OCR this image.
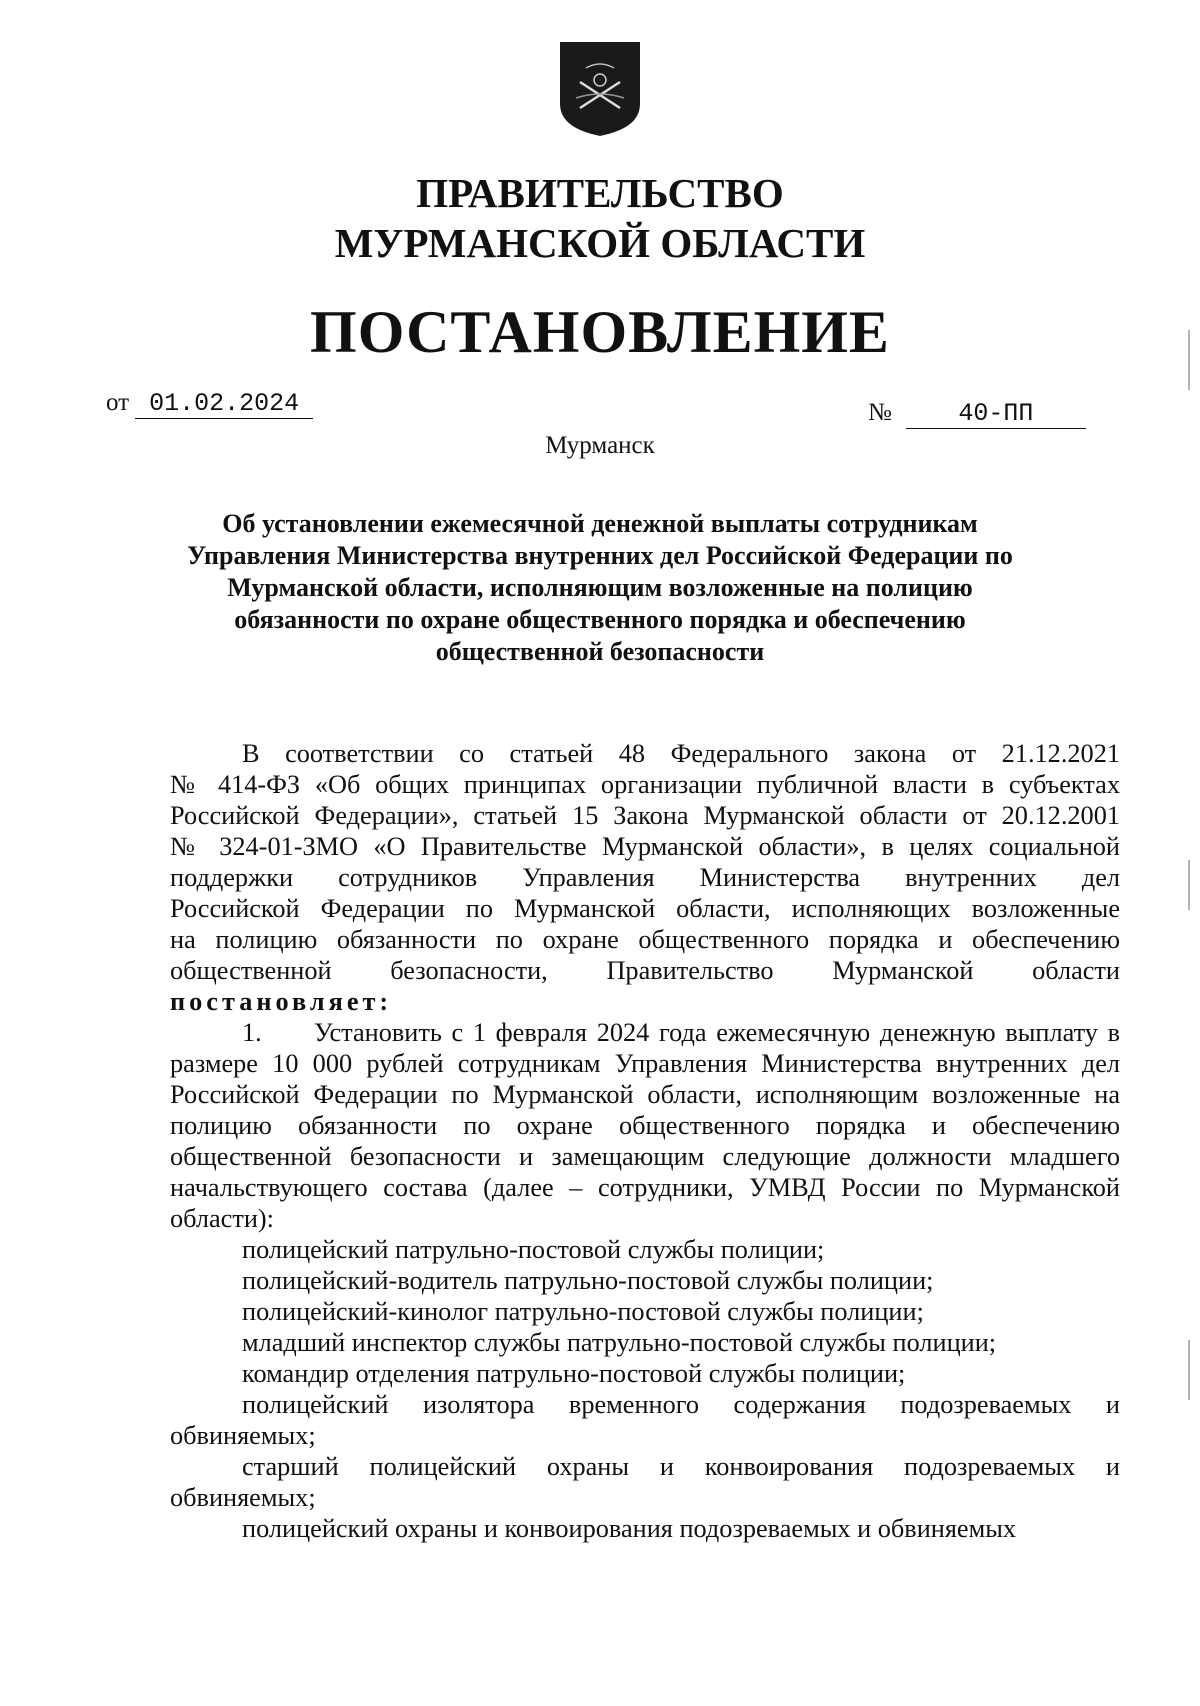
ПРАВИТЕЛЬСТВО
МУРМАНСКОЙ ОБЛАСТИ
ПОСТАНОВЛЕНИЕ
от 01.02.2024	№	40-ПП
Мурманск
Об установлении ежемесячной денежной выплаты сотрудникам
Управления Министерства внутренних дел Российской Федерации по
Мурманской области, исполняющим возложенные на полицию
обязанности по охране общественного порядка и обеспечению
общественной безопасности

В соответствии со статьей 48 Федерального закона от 21.12.2021

№ 414-ФЗ «Об общих принципах организации публичной власти в субъектах

Российской Федерации», статьей 15 Закона Мурманской области от 20.12.2001

№ 324-01-ЗМО «О Правительстве Мурманской области», в целях социальной

поддержки сотрудников Управления Министерства внутренних дел

Российской Федерации по Мурманской области, исполняющих возложенные

на полицию обязанности по охране общественного порядка и обеспечению

общественной безопасности, Правительство Мурманской области

постановляет:

1. Установить с 1 февраля 2024 года ежемесячную денежную выплату в размере 10 000 рублей сотрудникам Управления Министерства внутренних дел Российской Федерации по Мурманской области, исполняющим возложенные на полицию обязанности по охране общественного порядка и обеспечению общественной безопасности и замещающим следующие должности младшего начальствующего состава (далее – сотрудники, УМВД России по Мурманской области):

полицейский патрульно-постовой службы полиции;

полицейский-водитель патрульно-постовой службы полиции;

полицейский-кинолог патрульно-постовой службы полиции;

младший инспектор службы патрульно-постовой службы полиции;

командир отделения патрульно-постовой службы полиции;

полицейский изолятора временного содержания подозреваемых и обвиняемых;

старший полицейский охраны и конвоирования подозреваемых и обвиняемых;

полицейский охраны и конвоирования подозреваемых и обвиняемых
